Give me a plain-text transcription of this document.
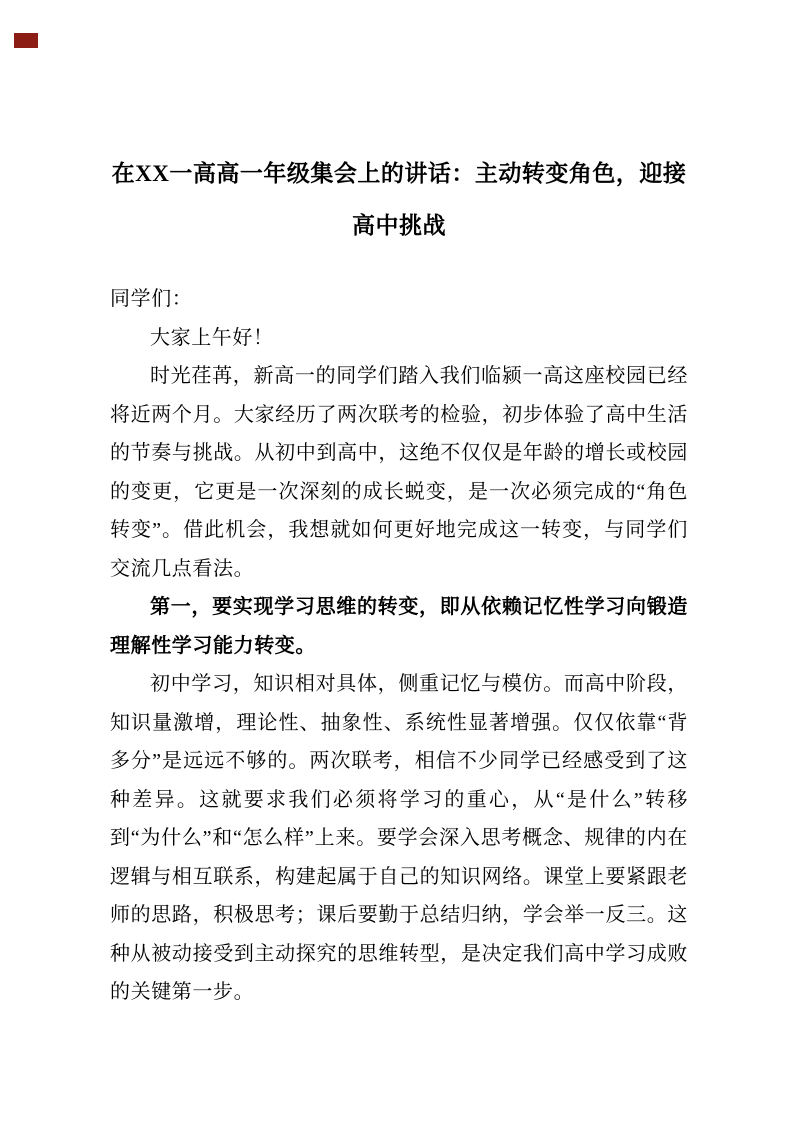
在XX一高高一年级集会上的讲话：主动转变角色，迎接高中挑战

同学们：

大家上午好！

时光荏苒，新高一的同学们踏入我们临颍一高这座校园已经将近两个月。大家经历了两次联考的检验，初步体验了高中生活的节奏与挑战。从初中到高中，这绝不仅仅是年龄的增长或校园的变更，它更是一次深刻的成长蜕变，是一次必须完成的“角色转变”。借此机会，我想就如何更好地完成这一转变，与同学们交流几点看法。

第一，要实现学习思维的转变，即从依赖记忆性学习向锻造理解性学习能力转变。

初中学习，知识相对具体，侧重记忆与模仿。而高中阶段，知识量激增，理论性、抽象性、系统性显著增强。仅仅依靠“背多分”是远远不够的。两次联考，相信不少同学已经感受到了这种差异。这就要求我们必须将学习的重心，从“是什么”转移到“为什么”和“怎么样”上来。要学会深入思考概念、规律的内在逻辑与相互联系，构建起属于自己的知识网络。课堂上要紧跟老师的思路，积极思考；课后要勤于总结归纳，学会举一反三。这种从被动接受到主动探究的思维转型，是决定我们高中学习成败的关键第一步。
